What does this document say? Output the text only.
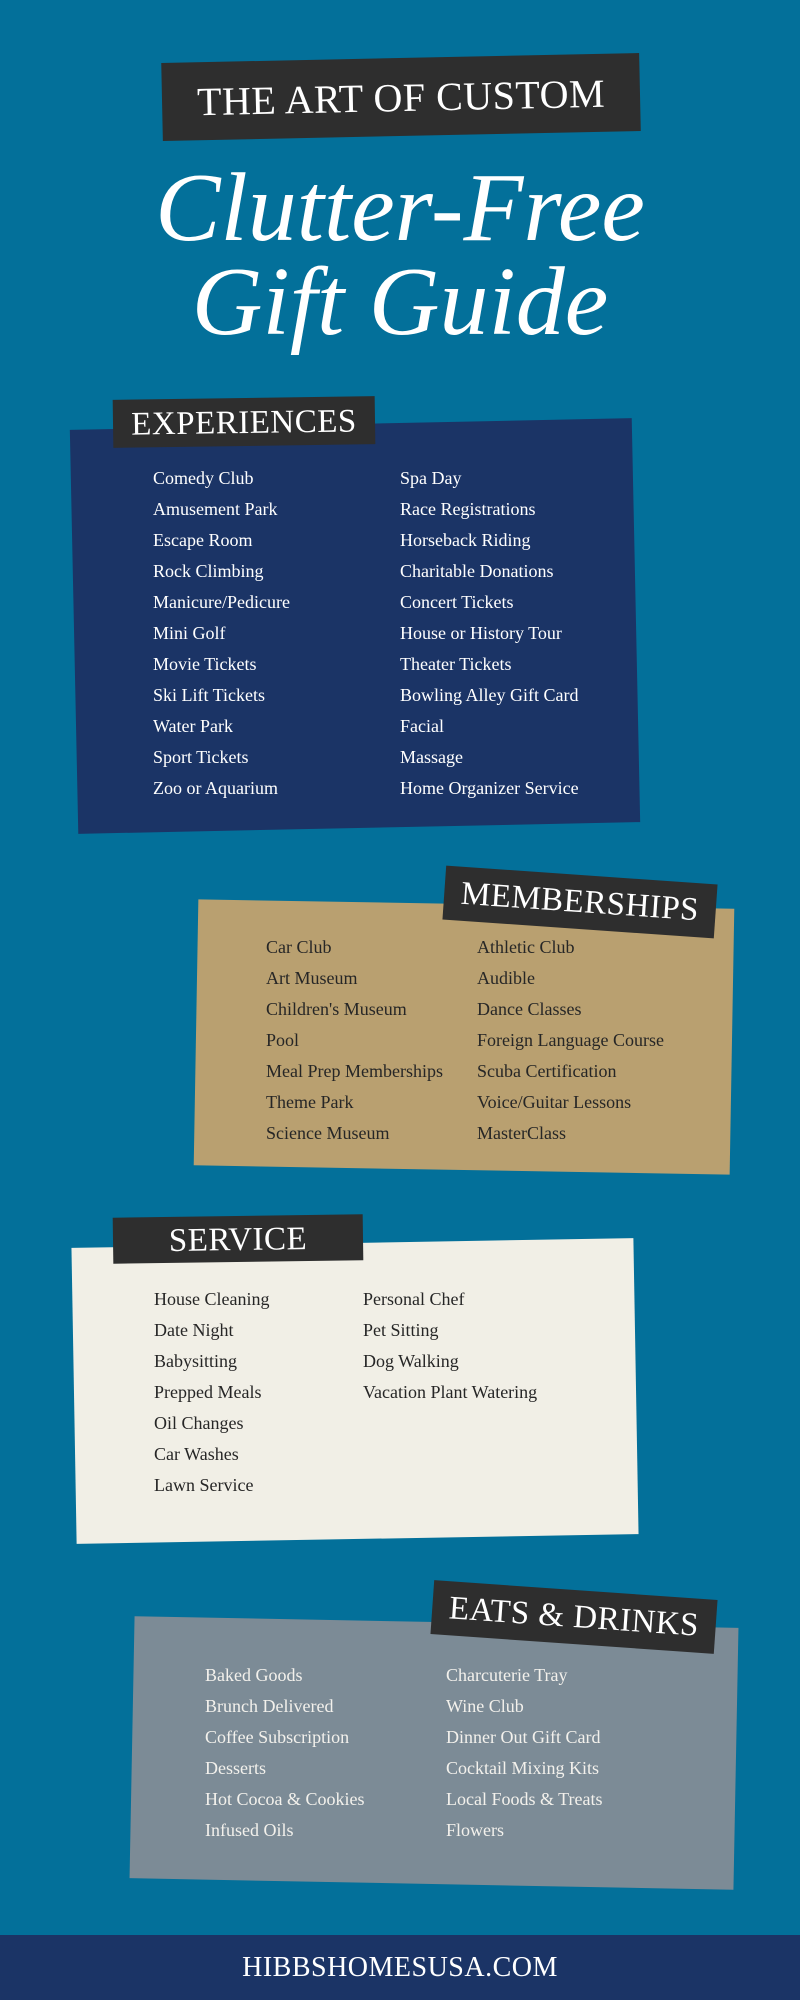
THE ART OF CUSTOM
Clutter-Free
Gift Guide
EXPERIENCES
Comedy Club
Amusement Park
Escape Room
Rock Climbing
Manicure/Pedicure
Mini Golf
Movie Tickets
Ski Lift Tickets
Water Park
Sport Tickets
Zoo or Aquarium
Spa Day
Race Registrations
Horseback Riding
Charitable Donations
Concert Tickets
House or History Tour
Theater Tickets
Bowling Alley Gift Card
Facial
Massage
Home Organizer Service
MEMBERSHIPS
Car Club
Art Museum
Children's Museum
Pool
Meal Prep Memberships
Theme Park
Science Museum
Athletic Club
Audible
Dance Classes
Foreign Language Course
Scuba Certification
Voice/Guitar Lessons
MasterClass
SERVICE
House Cleaning
Date Night
Babysitting
Prepped Meals
Oil Changes
Car Washes
Lawn Service
Personal Chef
Pet Sitting
Dog Walking
Vacation Plant Watering
EATS & DRINKS
Baked Goods
Brunch Delivered
Coffee Subscription
Desserts
Hot Cocoa & Cookies
Infused Oils
Charcuterie Tray
Wine Club
Dinner Out Gift Card
Cocktail Mixing Kits
Local Foods & Treats
Flowers
HIBBSHOMESUSA.COM
